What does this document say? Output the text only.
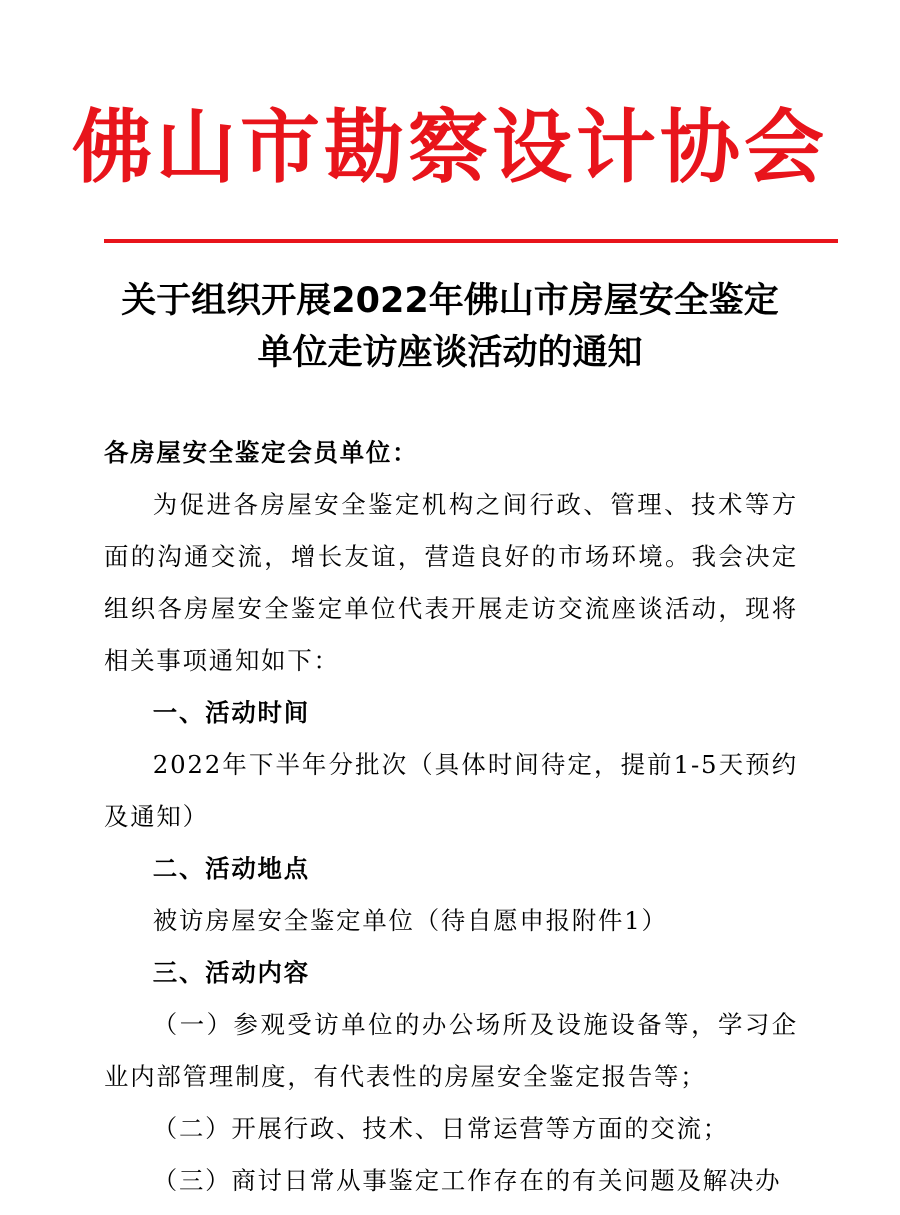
佛山市勘察设计协会
关于组织开展2022年佛山市房屋安全鉴定
单位走访座谈活动的通知

各房屋安全鉴定会员单位：

为促进各房屋安全鉴定机构之间行政、管理、技术等方面的沟通交流，增长友谊，营造良好的市场环境。我会决定组织各房屋安全鉴定单位代表开展走访交流座谈活动，现将相关事项通知如下：

一、活动时间

2022年下半年分批次（具体时间待定，提前1-5天预约及通知）

二、活动地点

被访房屋安全鉴定单位（待自愿申报附件1）

三、活动内容

（一）参观受访单位的办公场所及设施设备等，学习企业内部管理制度，有代表性的房屋安全鉴定报告等；

（二）开展行政、技术、日常运营等方面的交流；

（三）商讨日常从事鉴定工作存在的有关问题及解决办
